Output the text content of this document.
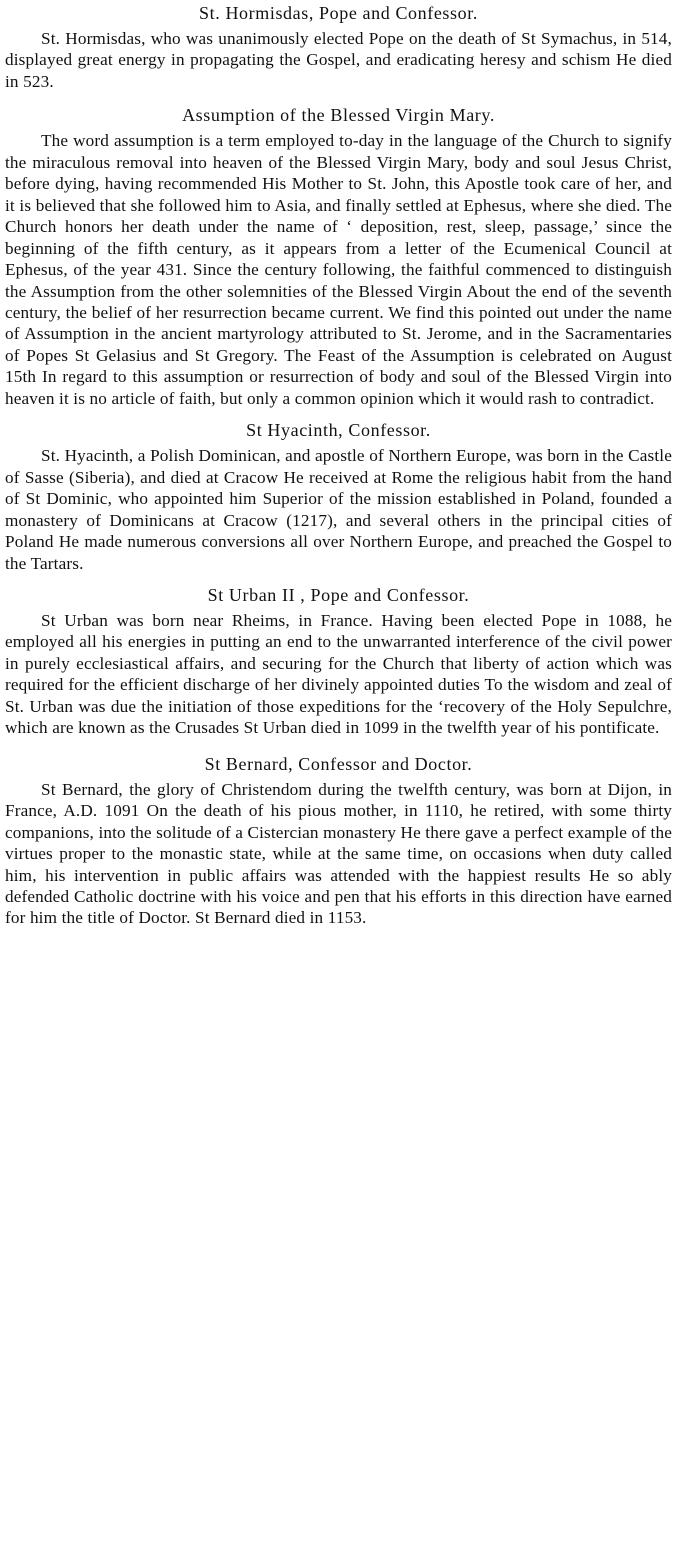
St. Hormisdas, Pope and Confessor.

St. Hormisdas, who was unanimously elected Pope on the death of St Symachus, in 514, displayed great energy in propagating the Gospel, and eradicating heresy and schism He died in 523.

Assumption of the Blessed Virgin Mary.

The word assumption is a term employed to-day in the language of the Church to signify the miraculous removal into heaven of the Blessed Virgin Mary, body and soul Jesus Christ, before dying, having recommended His Mother to St. John, this Apostle took care of her, and it is believed that she followed him to Asia, and finally settled at Ephesus, where she died. The Church honors her death under the name of ‘ deposition, rest, sleep, passage,’ since the beginning of the fifth century, as it appears from a letter of the Ecumenical Council at Ephesus, of the year 431. Since the century following, the faithful commenced to distinguish the Assumption from the other solemnities of the Blessed Virgin About the end of the seventh century, the belief of her resurrection became current. We find this pointed out under the name of Assumption in the ancient martyrology attributed to St. Jerome, and in the Sacramentaries of Popes St Gelasius and St Gregory. The Feast of the Assumption is celebrated on August 15th In regard to this assumption or resurrection of body and soul of the Blessed Virgin into heaven it is no article of faith, but only a common opinion which it would rash to contradict.

St Hyacinth, Confessor.

St. Hyacinth, a Polish Dominican, and apostle of Northern Europe, was born in the Castle of Sasse (Siberia), and died at Cracow He received at Rome the religious habit from the hand of St Dominic, who appointed him Superior of the mission established in Poland, founded a monastery of Dominicans at Cracow (1217), and several others in the principal cities of Poland He made numerous conversions all over Northern Europe, and preached the Gospel to the Tartars.

St Urban II , Pope and Confessor.

St Urban was born near Rheims, in France. Having been elected Pope in 1088, he employed all his energies in putting an end to the unwarranted interference of the civil power in purely ecclesiastical affairs, and securing for the Church that liberty of action which was required for the efficient discharge of her divinely appointed duties To the wisdom and zeal of St. Urban was due the initiation of those expeditions for the ‘recovery of the Holy Sepulchre, which are known as the Crusades St Urban died in 1099 in the twelfth year of his pontificate.

St Bernard, Confessor and Doctor.

St Bernard, the glory of Christendom during the twelfth century, was born at Dijon, in France, A.D. 1091 On the death of his pious mother, in 1110, he retired, with some thirty companions, into the solitude of a Cistercian monastery He there gave a perfect example of the virtues proper to the monastic state, while at the same time, on occasions when duty called him, his intervention in public affairs was attended with the happiest results He so ably defended Catholic doctrine with his voice and pen that his efforts in this direction have earned for him the title of Doctor. St Bernard died in 1153.
